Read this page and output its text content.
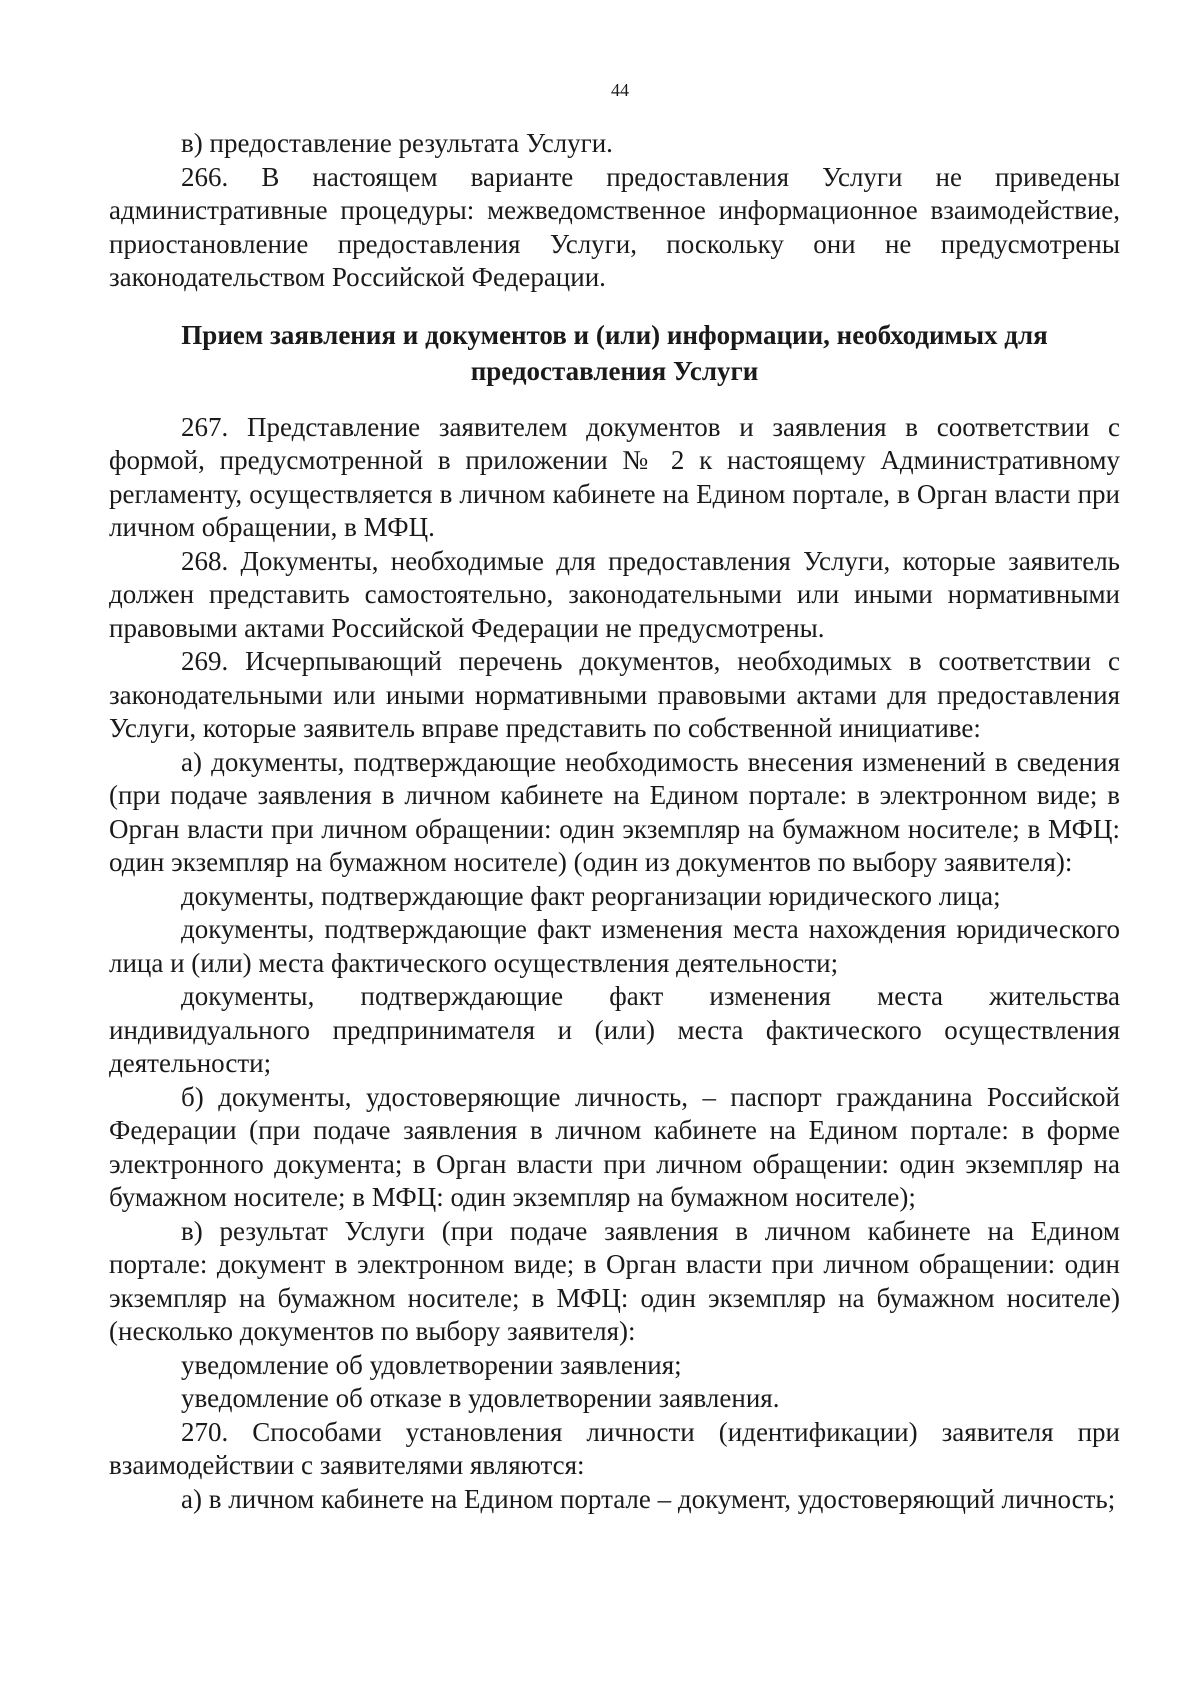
44

в) предоставление результата Услуги.

266. В настоящем варианте предоставления Услуги не приведены административные процедуры: межведомственное информационное взаимодействие, приостановление предоставления Услуги, поскольку они не предусмотрены законодательством Российской Федерации.

Прием заявления и документов и (или) информации, необходимых для предоставления Услуги

267. Представление заявителем документов и заявления в соответствии с формой, предусмотренной в приложении № 2 к настоящему Административному регламенту, осуществляется в личном кабинете на Едином портале, в Орган власти при личном обращении, в МФЦ.

268. Документы, необходимые для предоставления Услуги, которые заявитель должен представить самостоятельно, законодательными или иными нормативными правовыми актами Российской Федерации не предусмотрены.

269. Исчерпывающий перечень документов, необходимых в соответствии с законодательными или иными нормативными правовыми актами для предоставления Услуги, которые заявитель вправе представить по собственной инициативе:

а) документы, подтверждающие необходимость внесения изменений в сведения (при подаче заявления в личном кабинете на Едином портале: в электронном виде; в Орган власти при личном обращении: один экземпляр на бумажном носителе; в МФЦ: один экземпляр на бумажном носителе) (один из документов по выбору заявителя):

документы, подтверждающие факт реорганизации юридического лица;

документы, подтверждающие факт изменения места нахождения юридического лица и (или) места фактического осуществления деятельности;

документы, подтверждающие факт изменения места жительства индивидуального предпринимателя и (или) места фактического осуществления деятельности;

б) документы, удостоверяющие личность, – паспорт гражданина Российской Федерации (при подаче заявления в личном кабинете на Едином портале: в форме электронного документа; в Орган власти при личном обращении: один экземпляр на бумажном носителе; в МФЦ: один экземпляр на бумажном носителе);

в) результат Услуги (при подаче заявления в личном кабинете на Едином портале: документ в электронном виде; в Орган власти при личном обращении: один экземпляр на бумажном носителе; в МФЦ: один экземпляр на бумажном носителе) (несколько документов по выбору заявителя):

уведомление об удовлетворении заявления;

уведомление об отказе в удовлетворении заявления.

270. Способами установления личности (идентификации) заявителя при взаимодействии с заявителями являются:

а) в личном кабинете на Едином портале – документ, удостоверяющий личность;
